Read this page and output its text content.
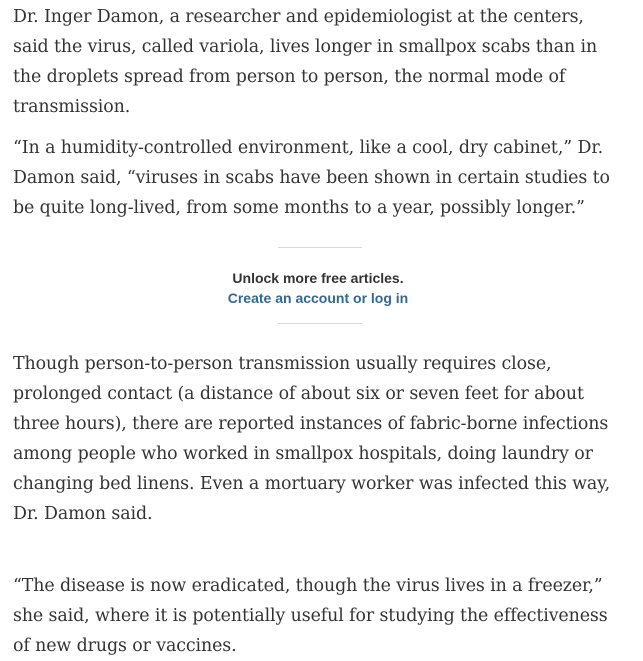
Dr. Inger Damon, a researcher and epidemiologist at the centers, said the virus, called variola, lives longer in smallpox scabs than in the droplets spread from person to person, the normal mode of transmission.

“In a humidity-controlled environment, like a cool, dry cabinet,” Dr. Damon said, “viruses in scabs have been shown in certain studies to be quite long-lived, from some months to a year, possibly longer.”

Unlock more free articles.
Create an account or log in

Though person-to-person transmission usually requires close, prolonged contact (a distance of about six or seven feet for about three hours), there are reported instances of fabric-borne infections among people who worked in smallpox hospitals, doing laundry or changing bed linens. Even a mortuary worker was infected this way, Dr. Damon said.

“The disease is now eradicated, though the virus lives in a freezer,” she said, where it is potentially useful for studying the effectiveness of new drugs or vaccines.
